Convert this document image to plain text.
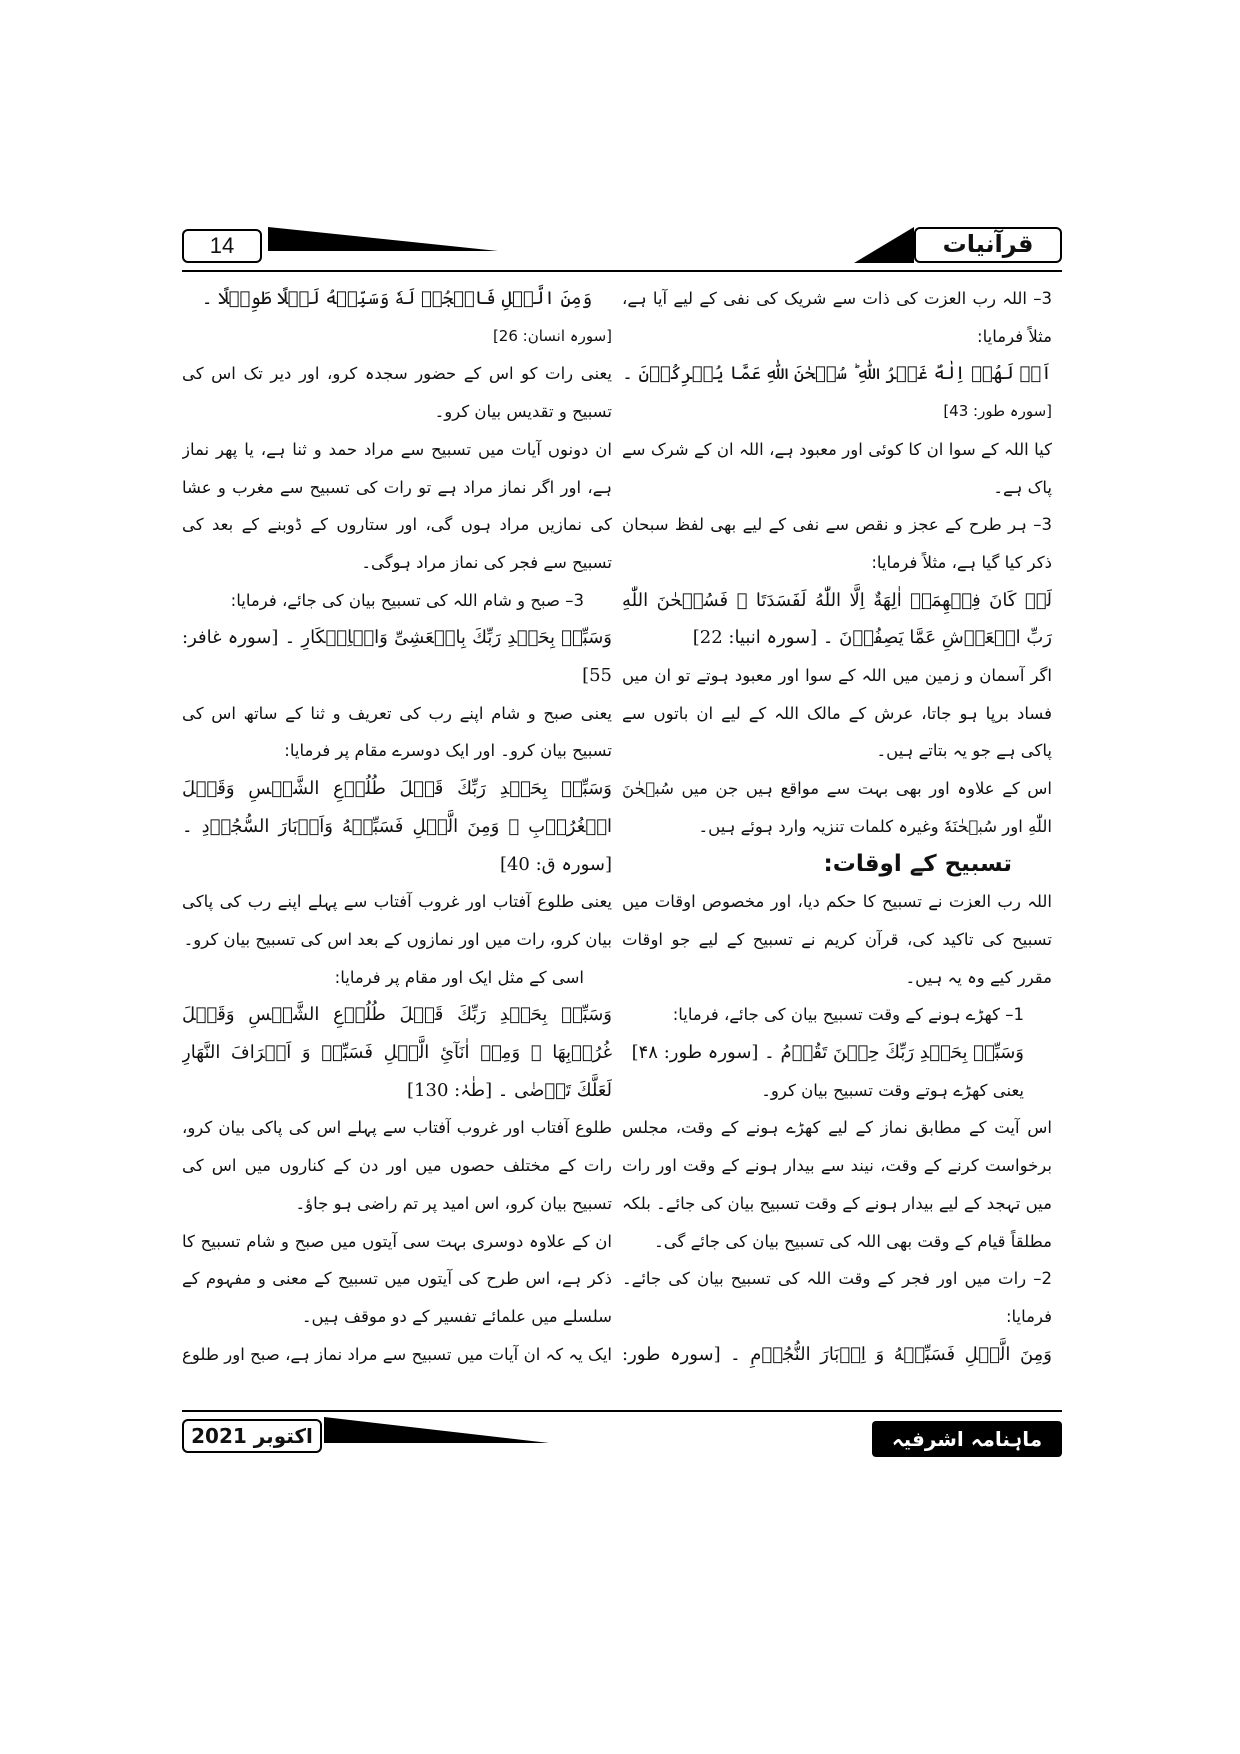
14	قرآنیات

3– اللہ رب العزت کی ذات سے شریک کی نفی کے لیے آیا ہے، مثلاً فرمایا:

اَمۡ لَهُمۡ اِلٰهٌ غَيۡرُ اللّٰهِ ؕ سُبۡحٰنَ اللّٰهِ عَمَّا يُشۡرِكُوۡنَ ۔

[سورہ طور: 43]

کیا اللہ کے سوا ان کا کوئی اور معبود ہے، اللہ ان کے شرک سے پاک ہے۔

3– ہر طرح کے عجز و نقص سے نفی کے لیے بھی لفظ سبحان ذکر کیا گیا ہے، مثلاً فرمایا:

لَوۡ كَانَ فِيۡهِمَاۤ اٰلِهَةٌ اِلَّا اللّٰهُ لَفَسَدَتَا ۚ فَسُبۡحٰنَ اللّٰهِ رَبِّ الۡعَرۡشِ عَمَّا يَصِفُوۡنَ ۔ [سورہ انبیا: 22]

اگر آسمان و زمین میں اللہ کے سوا اور معبود ہوتے تو ان میں فساد برپا ہو جاتا، عرش کے مالک اللہ کے لیے ان باتوں سے پاکی ہے جو یہ بتاتے ہیں۔

اس کے علاوہ اور بھی بہت سے مواقع ہیں جن میں سُبۡحٰنَ اللّٰهِ اور سُبۡحٰنَهٗ وغیرہ کلمات تنزیہ وارد ہوئے ہیں۔

تسبیح کے اوقات:

اللہ رب العزت نے تسبیح کا حکم دیا، اور مخصوص اوقات میں تسبیح کی تاکید کی، قرآن کریم نے تسبیح کے لیے جو اوقات مقرر کیے وہ یہ ہیں۔

1– کھڑے ہونے کے وقت تسبیح بیان کی جائے، فرمایا:

وَسَبِّحۡ بِحَمۡدِ رَبِّكَ حِيۡنَ تَقُوۡمُ ۔ [سورہ طور: ۴۸]

یعنی کھڑے ہوتے وقت تسبیح بیان کرو۔

اس آیت کے مطابق نماز کے لیے کھڑے ہونے کے وقت، مجلس برخواست کرنے کے وقت، نیند سے بیدار ہونے کے وقت اور رات میں تہجد کے لیے بیدار ہونے کے وقت تسبیح بیان کی جائے۔ بلکہ مطلقاً قیام کے وقت بھی اللہ کی تسبیح بیان کی جائے گی۔

2– رات میں اور فجر کے وقت اللہ کی تسبیح بیان کی جائے۔ فرمایا:

وَمِنَ الَّيۡلِ فَسَبِّحۡهُ وَ اِدۡبَارَ النُّجُوۡمِ ۔ [سورہ طور:

وَمِنَ الَّيۡلِ فَاسۡجُدۡ لَهٗ وَسَبِّحۡهُ لَيۡلًا طَوِيۡلًا ۔

[سورہ انسان: 26]

یعنی رات کو اس کے حضور سجدہ کرو، اور دیر تک اس کی تسبیح و تقدیس بیان کرو۔

ان دونوں آیات میں تسبیح سے مراد حمد و ثنا ہے، یا پھر نماز ہے، اور اگر نماز مراد ہے تو رات کی تسبیح سے مغرب و عشا کی نمازیں مراد ہوں گی، اور ستاروں کے ڈوبنے کے بعد کی تسبیح سے فجر کی نماز مراد ہوگی۔

3– صبح و شام اللہ کی تسبیح بیان کی جائے، فرمایا:

وَسَبِّحۡ بِحَمۡدِ رَبِّكَ بِالۡعَشِىِّ وَالۡاِبۡكَارِ ۔ [سورہ غافر: 55]

یعنی صبح و شام اپنے رب کی تعریف و ثنا کے ساتھ اس کی تسبیح بیان کرو۔ اور ایک دوسرے مقام پر فرمایا:

وَسَبِّحۡ بِحَمۡدِ رَبِّكَ قَبۡلَ طُلُوۡعِ الشَّمۡسِ وَقَبۡلَ الۡغُرُوۡبِ ۚ وَمِنَ الَّيۡلِ فَسَبِّحۡهُ وَاَدۡبَارَ السُّجُوۡدِ ۔ [سورہ ق: 40]

یعنی طلوع آفتاب اور غروب آفتاب سے پہلے اپنے رب کی پاکی بیان کرو، رات میں اور نمازوں کے بعد اس کی تسبیح بیان کرو۔

اسی کے مثل ایک اور مقام پر فرمایا:

وَسَبِّحۡ بِحَمۡدِ رَبِّكَ قَبۡلَ طُلُوۡعِ الشَّمۡسِ وَقَبۡلَ غُرُوۡبِهَا ۚ وَمِنۡ اٰنَآئِ الَّيۡلِ فَسَبِّحۡ وَ اَطۡرَافَ النَّهَارِ لَعَلَّكَ تَرۡضٰى ۔ [طٰہٰ: 130]

طلوع آفتاب اور غروب آفتاب سے پہلے اس کی پاکی بیان کرو، رات کے مختلف حصوں میں اور دن کے کناروں میں اس کی تسبیح بیان کرو، اس امید پر تم راضی ہو جاؤ۔

ان کے علاوہ دوسری بہت سی آیتوں میں صبح و شام تسبیح کا ذکر ہے، اس طرح کی آیتوں میں تسبیح کے معنی و مفہوم کے سلسلے میں علمائے تفسیر کے دو موقف ہیں۔

ایک یہ کہ ان آیات میں تسبیح سے مراد نماز ہے، صبح اور طلوع

اکتوبر 2021	ماہنامہ اشرفیہ
